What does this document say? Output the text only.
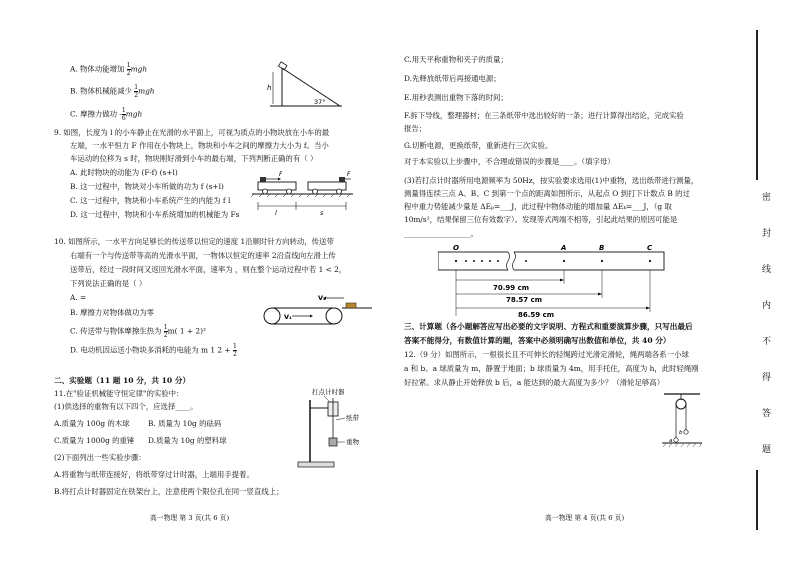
A. 物体动能增加 $\frac{1}{2}$ mgh
B. 物体机械能减少 $\frac{1}{2}$ mgh
C. 摩擦力做功 - $\frac{1}{6}$ mgh
h
37°
9. 如图，长度为 l 的小车静止在光滑的水平面上，可视为质点的小物块放在小车的最
左端，一水平恒力 F 作用在小物块上，物块和小车之间的摩擦力大小为 f。当小
车运动的位移为 s 时，物块刚好滑到小车的最右端，下列判断正确的有（ ）
A. 此时物块的动能为 (F-f) (s+l)
B. 这一过程中，物块对小车所做的功为 f (s+l)
C. 这一过程中，物块和小车系统产生的内能为 f l
D. 这一过程中，物块和小车系统增加的机械能为 Fs
F	F
l	s
10. 如图所示，一水平方向足够长的传送带以恒定的速度 1沿顺时针方向转动，传送带
右端有一个与传送带等高的光滑水平面，一物体以恒定的速率 2沿直线向左滑上传
送带后，经过一段时间又返回光滑水平面，速率为 ，则在整个运动过程中若 1 < 2，
下列说法正确的是（ ）
A. =
B. 摩擦力对物体做功为零
C. 传送带与物体摩擦生热为 $\frac{1}{2} m$( 1 + 2)²
D. 电动机因运送小物块多消耗的电能为 m 1 $2 + \frac{1}{2}$
V₂
V₁
二、实验题（11 题 10 分，共 10 分）
11.在"验证机械能守恒定律"的实验中：
(1)供选择的重物有以下四个，应选择____。
A.质量为 100g 的木球 B. 质量为 10g 的砝码
C.质量为 1000g 的重锤 D.质量为 10g 的塑料球
(2)下面列出一些实验步骤：
A.将重物与纸带连接好，将纸带穿过计时器，上端用手提着。
B.将打点计时器固定在铁架台上，注意使两个限位孔在同一竖直线上；
打点计时器
纸带
重物
高一物理 第 3 页(共 6 页)
C.用天平称重物和夹子的质量；
D.先释放纸带后再接通电源；
E.用秒表测出重物下落的时间；
F.拆下导线，整理器材；在三条纸带中选出较好的一条；进行计算得出结论，完成实验
报告；
G.切断电源，更换纸带，重新进行三次实验。
对于本实验以上步骤中，不合理或错误的步骤是____。（填字母）
(3)若打点计时器所用电源频率为 50Hz，按实验要求选用(1)中重物，选出纸带进行测量，
测量得连续三点 A、B、C 到第一个点的距离如图所示，从起点 O 到打下计数点 B 的过
程中重力势能减少量是 ΔEₚ=___J，此过程中物体动能的增加量 ΔEₖ=___J，（g 取
10m/s²，结果保留三位有效数字）。发现等式两端不相等，引起此结果的原因可能是
__________________。
O	A	B	C
70.99 cm
78.57 cm
86.59 cm
三、计算题（各小题解答应写出必要的文字说明、方程式和重要演算步骤，只写出最后
答案不能得分，有数值计算的题，答案中必须明确写出数值和单位，共 40 分）
12.（9 分）如图所示，一根很长且不可伸长的轻绳跨过光滑定滑轮，绳两端各系一小球
a 和 b。a 球质量为 m，静置于地面；b 球质量为 4m，用手托住，高度为 h，此时轻绳刚
好拉紧。求从静止开始释放 b 后，a 能达到的最大高度为多少？（滑轮足够高）
b
a
高一物理 第 4 页(共 6 页)
密
封
线
内
不
得
答
题
